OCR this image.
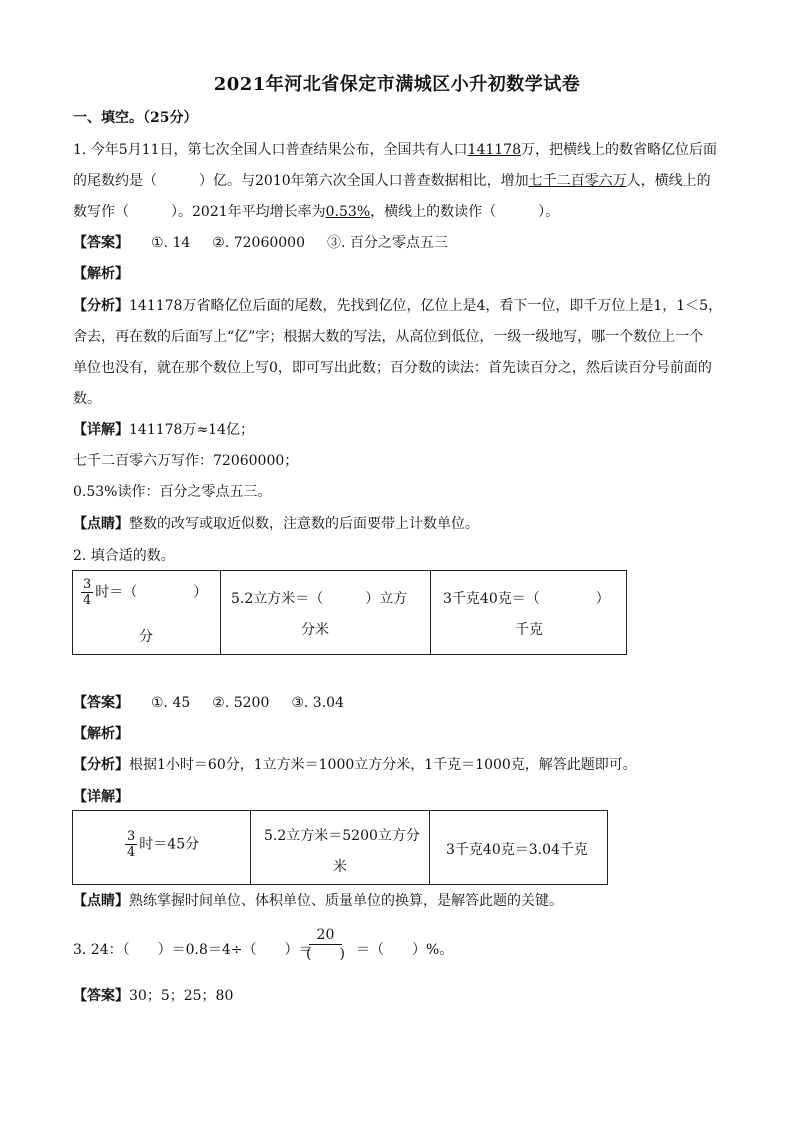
2021年河北省保定市满城区小升初数学试卷
一、填空。（25分）
1. 今年5月11日，第七次全国人口普查结果公布，全国共有人口141178万，把横线上的数省略亿位后面
的尾数约是（　　　）亿。与2010年第六次全国人口普查数据相比，增加七千二百零六万人，横线上的
数写作（　　　）。2021年平均增长率为0.53%，横线上的数读作（　　　）。
【答案】 ①. 14 ②. 72060000 ③. 百分之零点五三
【解析】
【分析】141178万省略亿位后面的尾数，先找到亿位，亿位上是4，看下一位，即千万位上是1，1＜5，
舍去，再在数的后面写上“亿”字；根据大数的写法，从高位到低位，一级一级地写，哪一个数位上一个
单位也没有，就在那个数位上写0，即可写出此数；百分数的读法：首先读百分之，然后读百分号前面的
数。
【详解】141178万≈14亿；
七千二百零六万写作：72060000；
0.53%读作：百分之零点五三。
【点睛】整数的改写或取近似数，注意数的后面要带上计数单位。
2. 填合适的数。
$\frac{3}{4}$ 时＝（　　　　）
分

5.2立方米＝（　　　）立方
分米

3千克40克＝（　　　　）
千克
【答案】 ①. 45 ②. 5200 ③. 3.04
【解析】
【分析】根据1小时＝60分，1立方米＝1000立方分米，1千克＝1000克，解答此题即可。
【详解】
$\frac{3}{4}$ 时＝45分

5.2立方米＝5200立方分
米

3千克40克＝3.04千克
【点睛】熟练掌握时间单位、体积单位、质量单位的换算，是解答此题的关键。
3. 24：（　　）＝0.8＝4÷（　　）＝
20
(　　) ＝（　　）%。
【答案】30；5；25；80
